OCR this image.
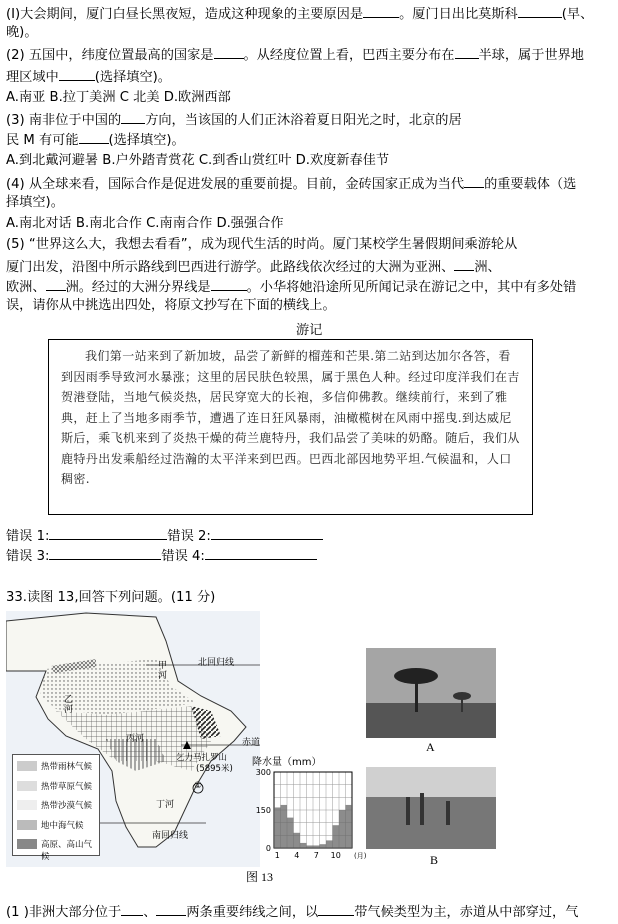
(Ⅰ)大会期间，厦门白昼长黑夜短，造成这种现象的主要原因是	。厦门日出比莫斯科	(早、
晚)。
(2) 五国中，纬度位置最高的国家是 。从经度位置上看，巴西主要分布在 半球，属于世界地
理区域中	(选择填空)。
A.南亚 B.拉丁美洲 C 北美 D.欧洲西部
(3) 南非位于中国的 方向，当该国的人们正沐浴着夏日阳光之时，北京的居
民 M 有可能 (选择填空)。
A.到北戴河避暑 B.户外踏青赏花 C.到香山赏红叶 D.欢度新春佳节
(4) 从全球来看，国际合作是促进发展的重要前提。目前，金砖国家正成为当代 的重要载体（选
择填空)。
A.南北对话 B.南北合作 C.南南合作 D.强强合作
(5) “世界这么大，我想去看看”，成为现代生活的时尚。厦门某校学生暑假期间乘游轮从
厦门出发，沿图中所示路线到巴西进行游学。此路线依次经过的大洲为亚洲、 洲、
欧洲、 洲。经过的大洲分界线是	。小华将她沿途所见所闻记录在游记之中，其中有多处错
误，请你从中挑选出四处，将原文抄写在下面的横线上。
游记

我们第一站来到了新加坡，品尝了新鲜的榴莲和芒果.第二站到达加尔各答，看到因雨季导致河水暴涨；这里的居民肤色较黑，属于黑色人种。经过印度洋我们在吉贺港登陆，当地气候炎热，居民穿宽大的长袍，多信仰佛教。继续前行，来到了雅典，赶上了当地多雨季节，遭遇了连日狂风暴雨，油橄榄树在风雨中摇曳.到达威尼斯后，乘飞机来到了炎热干燥的荷兰鹿特丹，我们品尝了美味的奶酪。随后，我们从鹿特丹出发乘船经过浩瀚的太平洋来到巴西。巴西北部因地势平坦.气候温和，人口稠密.

错误 1:	错误 2:
错误 3:	错误 4:
33.读图 13,回答下列问题。(11 分)
北回归线
赤道
南回归线
甲河
乙河
丙河
丁河
乞力马扎罗山
(5895米)
①
热带雨林气候
热带草原气候
热带沙漠气候
地中海气候
高原、高山气候
降水量（mm）
0
150
300
1 4 7 10 (月)
A
B
图 13
(1 )非洲大部分位于 、 两条重要纬线之间，以	带气候类型为主，赤道从中部穿过，气
